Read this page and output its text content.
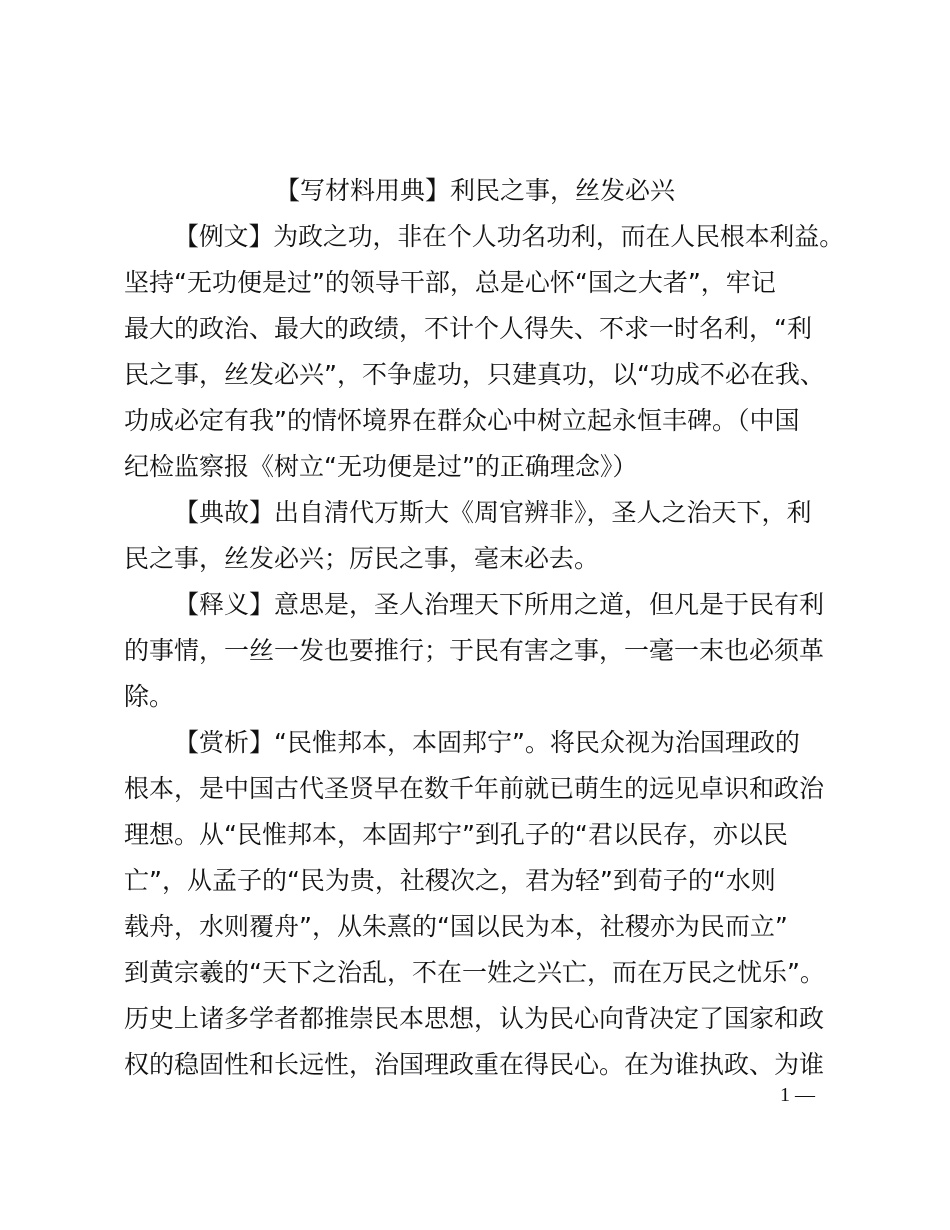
【写材料用典】利民之事，丝发必兴
【例文】为政之功，非在个人功名功利，而在人民根本利益。
坚持“无功便是过”的领导干部，总是心怀“国之大者”，牢记
最大的政治、最大的政绩，不计个人得失、不求一时名利，“利
民之事，丝发必兴”，不争虚功，只建真功，以“功成不必在我、
功成必定有我”的情怀境界在群众心中树立起永恒丰碑。（中国
纪检监察报《树立“无功便是过”的正确理念》）
【典故】出自清代万斯大《周官辨非》，圣人之治天下，利
民之事，丝发必兴；厉民之事，毫末必去。
【释义】意思是，圣人治理天下所用之道，但凡是于民有利
的事情，一丝一发也要推行；于民有害之事，一毫一末也必须革
除。
【赏析】“民惟邦本，本固邦宁”。将民众视为治国理政的
根本，是中国古代圣贤早在数千年前就已萌生的远见卓识和政治
理想。从“民惟邦本，本固邦宁”到孔子的“君以民存，亦以民
亡”，从孟子的“民为贵，社稷次之，君为轻”到荀子的“水则
载舟，水则覆舟”，从朱熹的“国以民为本，社稷亦为民而立”
到黄宗羲的“天下之治乱，不在一姓之兴亡，而在万民之忧乐”。
历史上诸多学者都推崇民本思想，认为民心向背决定了国家和政
权的稳固性和长远性，治国理政重在得民心。在为谁执政、为谁
1 —
